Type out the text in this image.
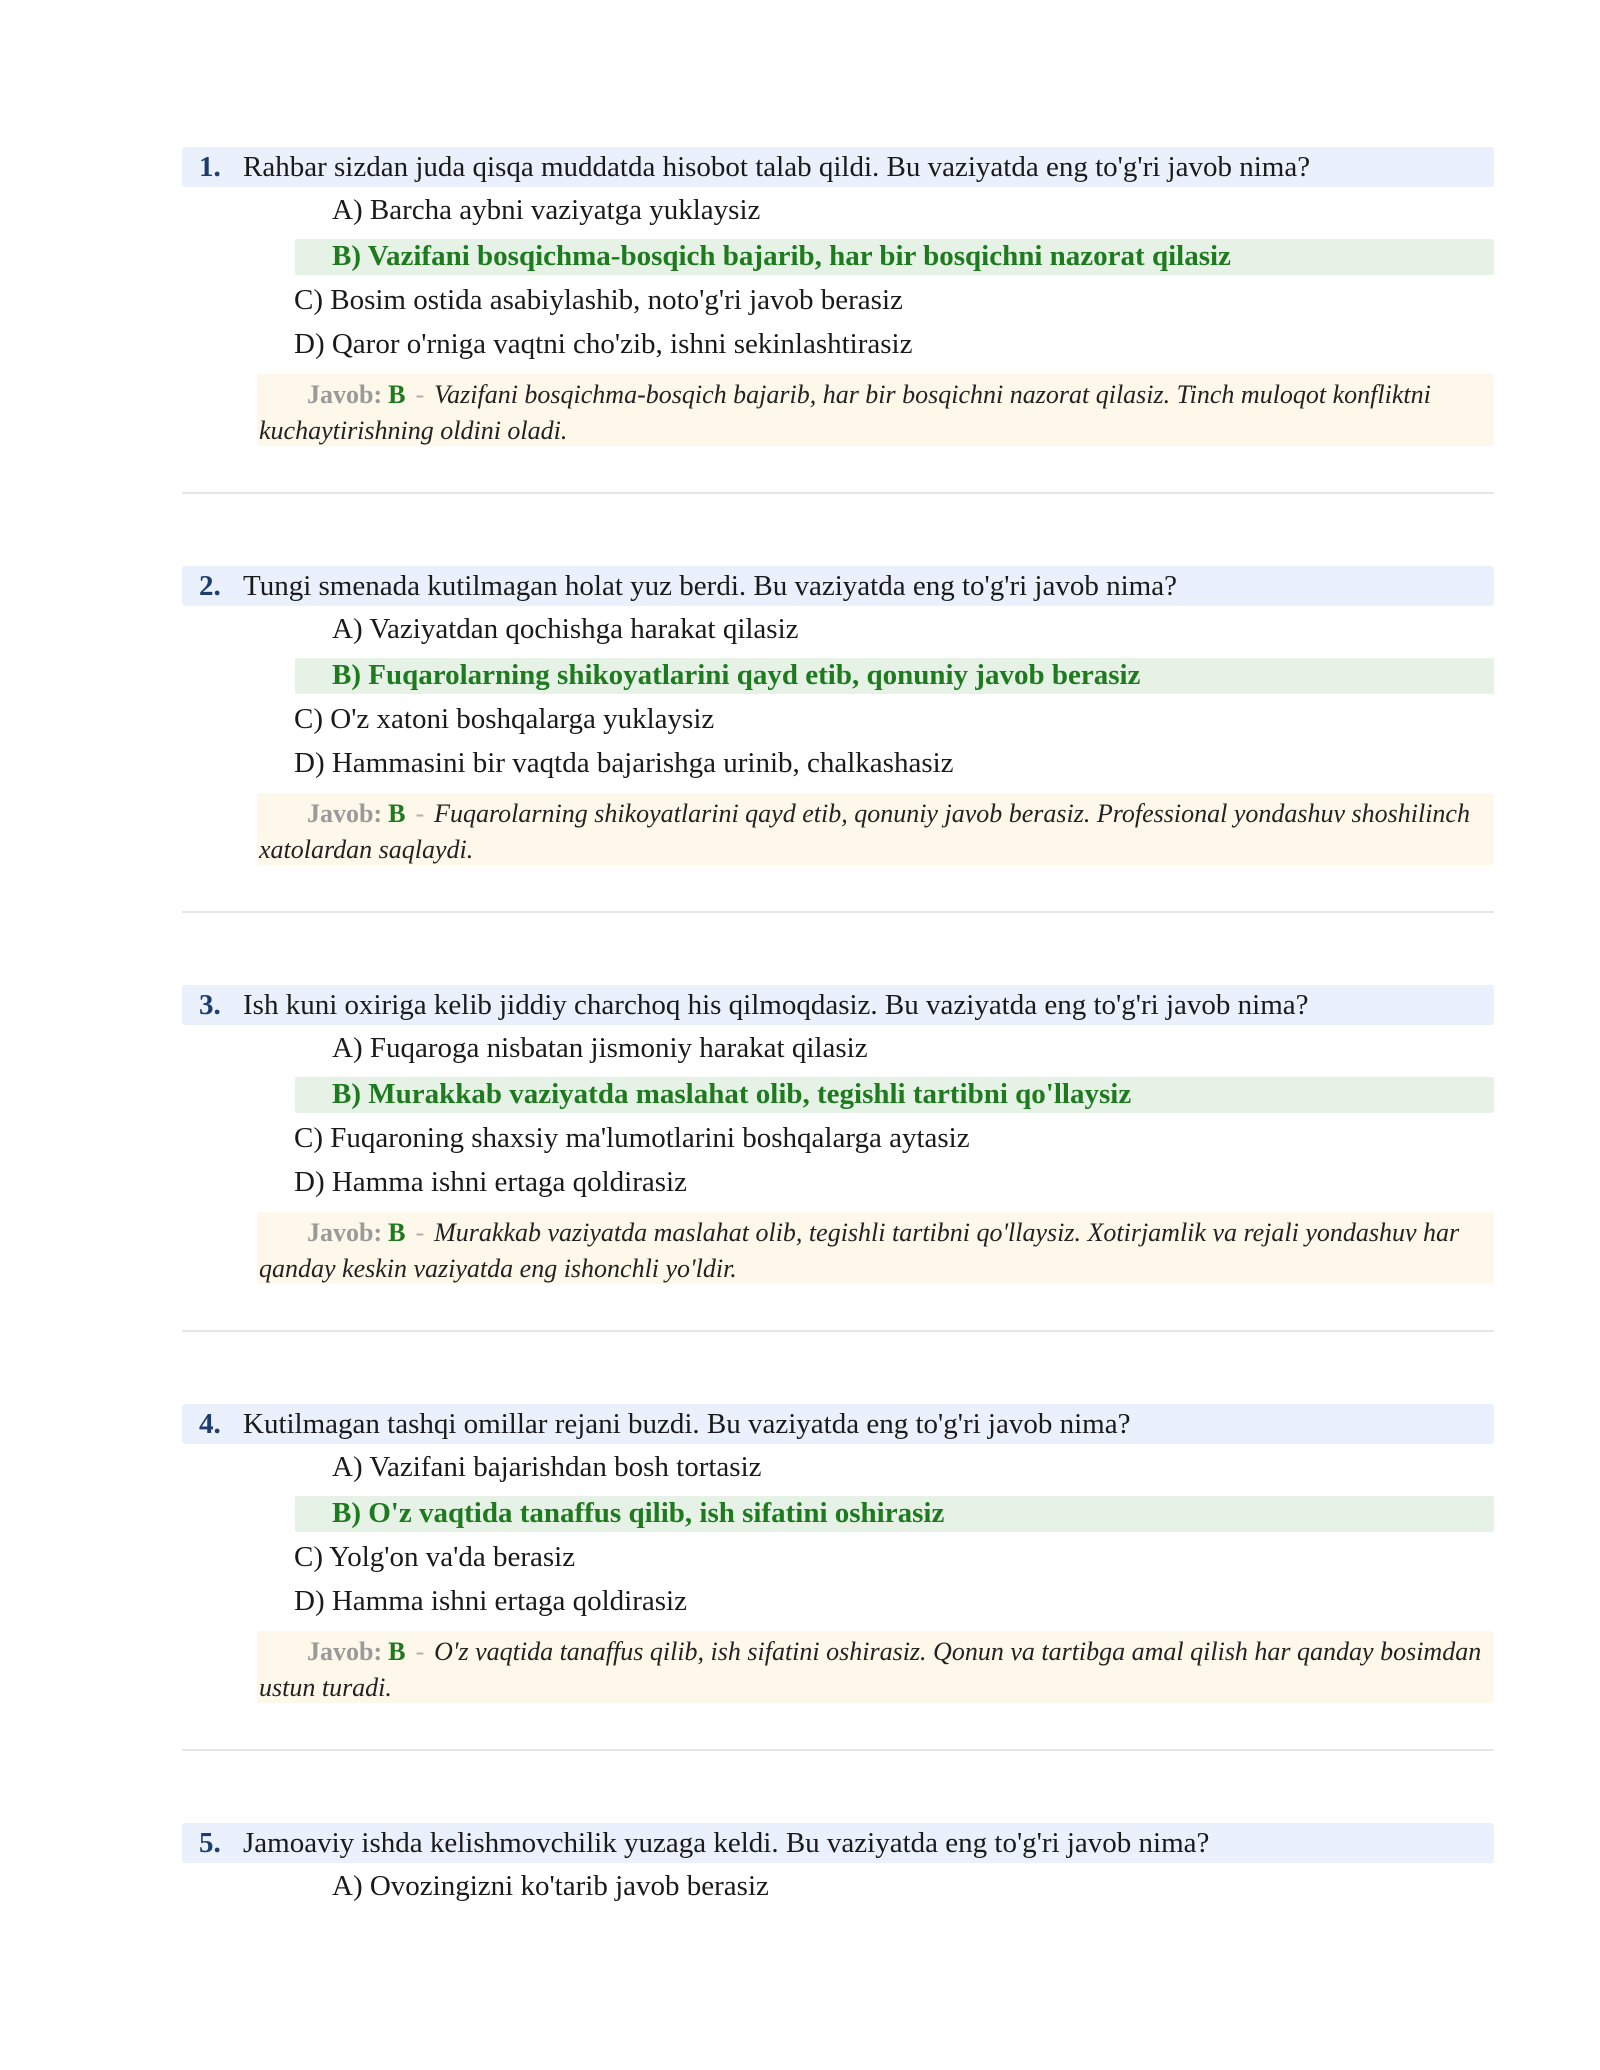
1. Rahbar sizdan juda qisqa muddatda hisobot talab qildi. Bu vaziyatda eng to'g'ri javob nima?
A) Barcha aybni vaziyatga yuklaysiz
B) Vazifani bosqichma-bosqich bajarib, har bir bosqichni nazorat qilasiz
C) Bosim ostida asabiylashib, noto'g'ri javob berasiz
D) Qaror o'rniga vaqtni cho'zib, ishni sekinlashtirasiz
Javob: B - Vazifani bosqichma-bosqich bajarib, har bir bosqichni nazorat qilasiz. Tinch muloqot konfliktni kuchaytirishning oldini oladi.
2. Tungi smenada kutilmagan holat yuz berdi. Bu vaziyatda eng to'g'ri javob nima?
A) Vaziyatdan qochishga harakat qilasiz
B) Fuqarolarning shikoyatlarini qayd etib, qonuniy javob berasiz
C) O'z xatoni boshqalarga yuklaysiz
D) Hammasini bir vaqtda bajarishga urinib, chalkashasiz
Javob: B - Fuqarolarning shikoyatlarini qayd etib, qonuniy javob berasiz. Professional yondashuv shoshilinch xatolardan saqlaydi.
3. Ish kuni oxiriga kelib jiddiy charchoq his qilmoqdasiz. Bu vaziyatda eng to'g'ri javob nima?
A) Fuqaroga nisbatan jismoniy harakat qilasiz
B) Murakkab vaziyatda maslahat olib, tegishli tartibni qo'llaysiz
C) Fuqaroning shaxsiy ma'lumotlarini boshqalarga aytasiz
D) Hamma ishni ertaga qoldirasiz
Javob: B - Murakkab vaziyatda maslahat olib, tegishli tartibni qo'llaysiz. Xotirjamlik va rejali yondashuv har qanday keskin vaziyatda eng ishonchli yo'ldir.
4. Kutilmagan tashqi omillar rejani buzdi. Bu vaziyatda eng to'g'ri javob nima?
A) Vazifani bajarishdan bosh tortasiz
B) O'z vaqtida tanaffus qilib, ish sifatini oshirasiz
C) Yolg'on va'da berasiz
D) Hamma ishni ertaga qoldirasiz
Javob: B - O'z vaqtida tanaffus qilib, ish sifatini oshirasiz. Qonun va tartibga amal qilish har qanday bosimdan ustun turadi.
5. Jamoaviy ishda kelishmovchilik yuzaga keldi. Bu vaziyatda eng to'g'ri javob nima?
A) Ovozingizni ko'tarib javob berasiz
